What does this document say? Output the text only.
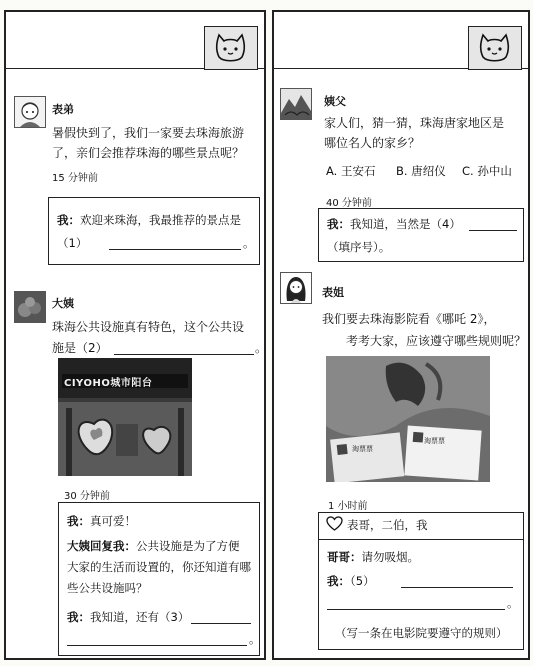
表弟
暑假快到了，我们一家要去珠海旅游
了，亲们会推荐珠海的哪些景点呢？
15 分钟前
我：欢迎来珠海，我最推荐的景点是
（1）	。
大姨
珠海公共设施真有特色，这个公共设
施是（2）	。
CIYOHO城市阳台
30 分钟前
我：真可爱！
大姨回复我：公共设施是为了方便
大家的生活而设置的，你还知道有哪
些公共设施吗？
我：我知道，还有（3）
。
姨父
家人们，猜一猜，珠海唐家地区是
哪位名人的家乡？
A. 王安石 B. 唐绍仪 C. 孙中山
40 分钟前
我：我知道，当然是（4）
（填序号）。
表姐
我们要去珠海影院看《哪吒 2》，
考考大家，应该遵守哪些规则呢？
淘票票
淘票票
1 小时前
表哥，二伯，我
哥哥：请勿吸烟。
我：（5）
。
（写一条在电影院要遵守的规则）
